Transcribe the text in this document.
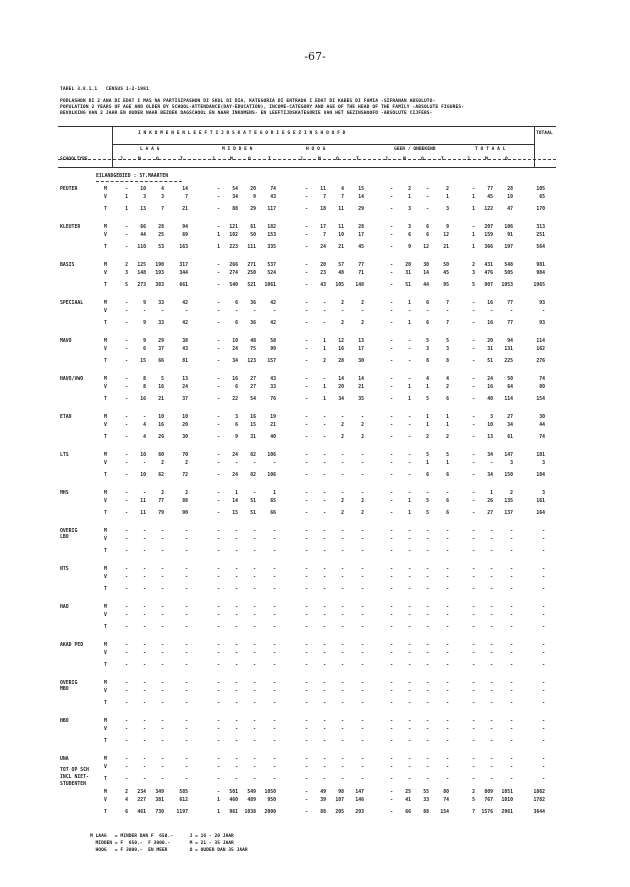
-67-
TABEL 3.8.1.1 CENSUS 1-2-1981
POBLASHON DI 2 ANA DI EDAT I MAS NA PARTISIPASHON DI SKOL DI DIA, KATEGORIA DI ENTRADA I EDAT DI KABES DI FAMIA -SIFRANAN ABSOLUTO-
POPULATION 2 YEARS OF AGE AND OLDER BY SCHOOL-ATTENDANCE(DAY-EDUCATION), INCOME-CATEGORY AND AGE OF THE HEAD OF THE FAMILY -ABSOLUTE FIGURES-
BEVOLKING VAN 2 JAAR EN OUDER NAAR BEZOEK DAGSCHOOL EN NAAR INKOMENS- EN LEEFTIJDSKATEGORIE VAN HET GEZINSHOOFD -ABSOLUTE CIJFERS-
I N K O M E N E N L E E F T I J D S K A T E G O R I E G E Z I N S H O O F D	TOTAAL
L A A G	M I D D E N	H O O G	GEEN / ONBEKEND	T O T A A L
SCHOOLTYPE	J	M	O	T	J	M	O	T	J	M	O	T	J	M	O	T	J	M	O
EILANDGEBIED : ST.MAARTEN
PEUTER	M	-	10	4	14	-	54	20	74	-	11	4	15	-	2	-	2	-	77	28	105
V	1	3	3	7	-	34	9	43	-	7	7	14	-	1	-	1	1	45	19	65
T	1	13	7	21	-	88	29	117	-	18	11	29	-	3	-	3	1	122	47	170
KLEUTER	M	-	66	28	94	-	121	61	182	-	17	11	28	-	3	6	9	-	207	106	313
V	-	44	25	69	1	102	50	153	-	7	10	17	-	6	6	12	1	159	91	251
T	-	110	53	163	1	223	111	335	-	24	21	45	-	9	12	21	1	366	197	564
BASIS	M	2	125	190	317	-	266	271	537	-	20	57	77	-	20	30	50	2	431	548	981
V	3	148	193	344	-	274	250	524	-	23	48	71	-	31	14	45	3	476	505	984
T	5	273	383	661	-	540	521	1061	-	43	105	148	-	51	44	95	5	907	1053	1965
SPECIAAL	M	-	9	33	42	-	6	36	42	-	-	2	2	-	1	6	7	-	16	77	93
V	-	-	-	-	-	-	-	-	-	-	-	-	-	-	-	-	-	-	-	-
T	-	9	33	42	-	6	36	42	-	-	2	2	-	1	6	7	-	16	77	93
MAVO	M	-	9	29	38	-	10	48	58	-	1	12	13	-	-	5	5	-	20	94	114
V	-	6	37	43	-	24	75	99	-	1	16	17	-	-	3	3	-	31	131	162
T	-	15	66	81	-	34	123	157	-	2	28	30	-	-	8	8	-	51	225	276
HAVO/VWO	M	-	8	5	13	-	16	27	43	-	-	14	14	-	-	4	4	-	24	50	74
V	-	8	16	24	-	6	27	33	-	1	20	21	-	1	1	2	-	16	64	80
T	-	16	21	37	-	22	54	76	-	1	34	35	-	1	5	6	-	40	114	154
ETAO	M	-	-	10	10	-	3	16	19	-	-	-	-	-	-	1	1	-	3	27	30
V	-	4	16	20	-	6	15	21	-	-	2	2	-	-	1	1	-	10	34	44
T	-	4	26	30	-	9	31	40	-	-	2	2	-	-	2	2	-	13	61	74
LTS	M	-	10	60	70	-	24	82	106	-	-	-	-	-	-	5	5	-	34	147	181
V	-	-	2	2	-	-	-	-	-	-	-	-	-	-	1	1	-	-	3	3
T	-	10	62	72	-	24	82	106	-	-	-	-	-	-	6	6	-	34	150	184
MHS	M	-	-	2	2	-	1	-	1	-	-	-	-	-	-	-	-	-	1	2	3
V	-	11	77	88	-	14	51	65	-	-	2	2	-	1	5	6	-	26	135	161
T	-	11	79	90	-	15	51	66	-	-	2	2	-	1	5	6	-	27	137	164
OVERIG
LBO
M	-	-	-	-	-	-	-	-	-	-	-	-	-	-	-	-	-	-	-	-
V	-	-	-	-	-	-	-	-	-	-	-	-	-	-	-	-	-	-	-	-
T	-	-	-	-	-	-	-	-	-	-	-	-	-	-	-	-	-	-	-	-
NTS	M	-	-	-	-	-	-	-	-	-	-	-	-	-	-	-	-	-	-	-	-
V	-	-	-	-	-	-	-	-	-	-	-	-	-	-	-	-	-	-	-	-
T	-	-	-	-	-	-	-	-	-	-	-	-	-	-	-	-	-	-	-	-
HAO	M	-	-	-	-	-	-	-	-	-	-	-	-	-	-	-	-	-	-	-	-
V	-	-	-	-	-	-	-	-	-	-	-	-	-	-	-	-	-	-	-	-
T	-	-	-	-	-	-	-	-	-	-	-	-	-	-	-	-	-	-	-	-
AKAD PED	M	-	-	-	-	-	-	-	-	-	-	-	-	-	-	-	-	-	-	-	-
V	-	-	-	-	-	-	-	-	-	-	-	-	-	-	-	-	-	-	-	-
T	-	-	-	-	-	-	-	-	-	-	-	-	-	-	-	-	-	-	-	-
OVERIG
MBO
M	-	-	-	-	-	-	-	-	-	-	-	-	-	-	-	-	-	-	-	-
V	-	-	-	-	-	-	-	-	-	-	-	-	-	-	-	-	-	-	-	-
T	-	-	-	-	-	-	-	-	-	-	-	-	-	-	-	-	-	-	-	-
HBO	M	-	-	-	-	-	-	-	-	-	-	-	-	-	-	-	-	-	-	-	-
V	-	-	-	-	-	-	-	-	-	-	-	-	-	-	-	-	-	-	-	-
T	-	-	-	-	-	-	-	-	-	-	-	-	-	-	-	-	-	-	-	-
UNA	M	-	-	-	-	-	-	-	-	-	-	-	-	-	-	-	-	-	-	-	-
V	-	-	-	-	-	-	-	-	-	-	-	-	-	-	-	-	-	-	-	-
T	-	-	-	-	-	-	-	-	-	-	-	-	-	-	-	-	-	-	-	-
TOT OP SCH
INCL NIET-
STUDENTEN
M	2	234	349	585	-	501	549	1050	-	49	98	147	-	25	55	80	2	809	1051	1862
V	4	227	381	612	1	460	489	950	-	39	107	146	-	41	33	74	5	767	1010	1782
T	6	461	730	1197	1	961	1038	2000	-	88	205	293	-	66	88	154	7	1576	2061	3644
M LAAG   = MINDER DAN F  650.-      J = 16 - 20 JAAR
MIDDEN = F  650.-  F 3000.-       M = 21 - 35 JAAR
HOOG   = F 3000.-  EN MEER        O = OUDER DAN 35 JAAR
